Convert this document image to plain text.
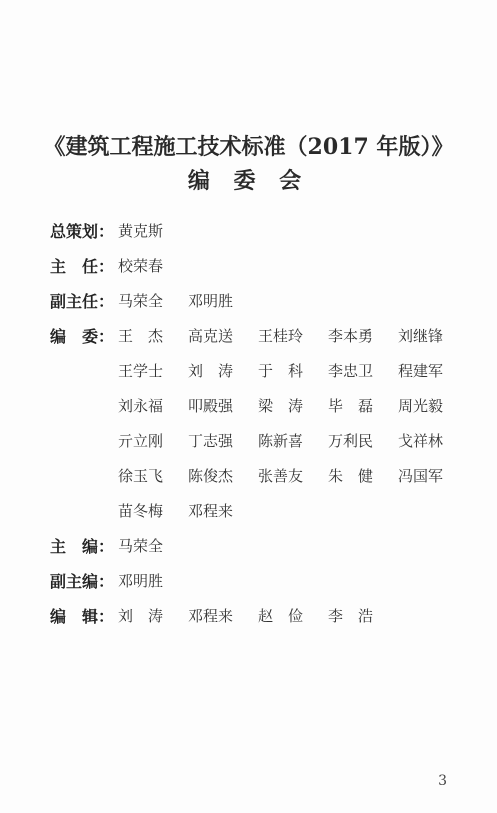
《建筑工程施工技术标准（2017 年版）》
编 委 会
总策划： 黄克斯
主　任： 校荣春
副主任： 马荣全	邓明胜
编　委： 王　杰	高克送	王桂玲	李本勇	刘继锋
王学士	刘　涛	于　科	李忠卫	程建军
刘永福	叩殿强	梁　涛	毕　磊	周光毅
亓立刚	丁志强	陈新喜	万利民	戈祥林
徐玉飞	陈俊杰	张善友	朱　健	冯国军
苗冬梅	邓程来
主　编： 马荣全
副主编： 邓明胜
编　辑： 刘　涛	邓程来	赵　俭	李　浩
3
